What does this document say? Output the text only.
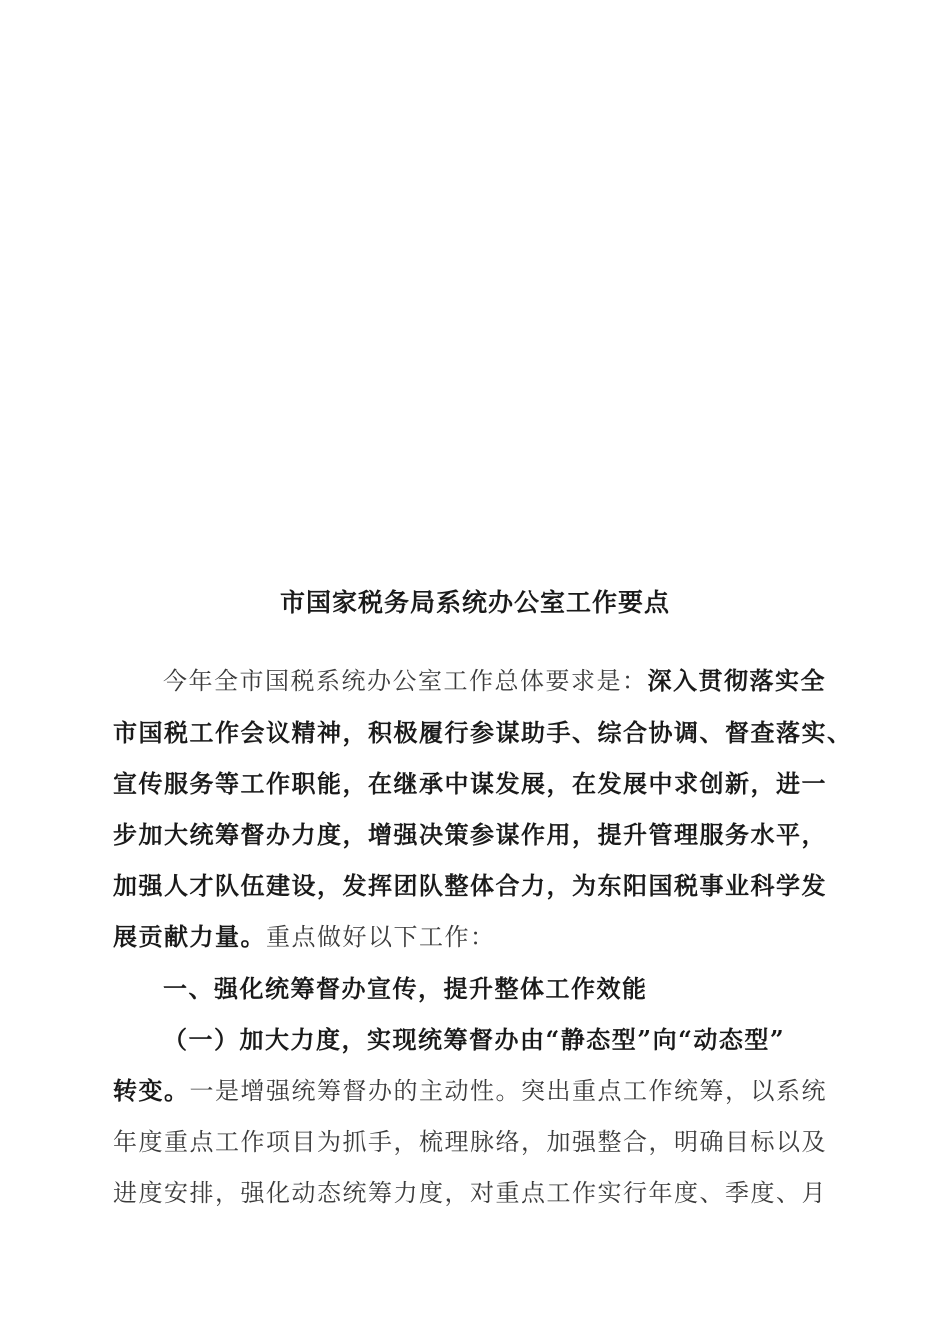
市国家税务局系统办公室工作要点
今年全市国税系统办公室工作总体要求是：深入贯彻落实全
市国税工作会议精神，积极履行参谋助手、综合协调、督查落实、
宣传服务等工作职能，在继承中谋发展，在发展中求创新，进一
步加大统筹督办力度，增强决策参谋作用，提升管理服务水平，
加强人才队伍建设，发挥团队整体合力，为东阳国税事业科学发
展贡献力量。重点做好以下工作：
一、强化统筹督办宣传，提升整体工作效能
（一）加大力度，实现统筹督办由“静态型”向“动态型”
转变。一是增强统筹督办的主动性。突出重点工作统筹，以系统
年度重点工作项目为抓手，梳理脉络，加强整合，明确目标以及
进度安排，强化动态统筹力度，对重点工作实行年度、季度、月
